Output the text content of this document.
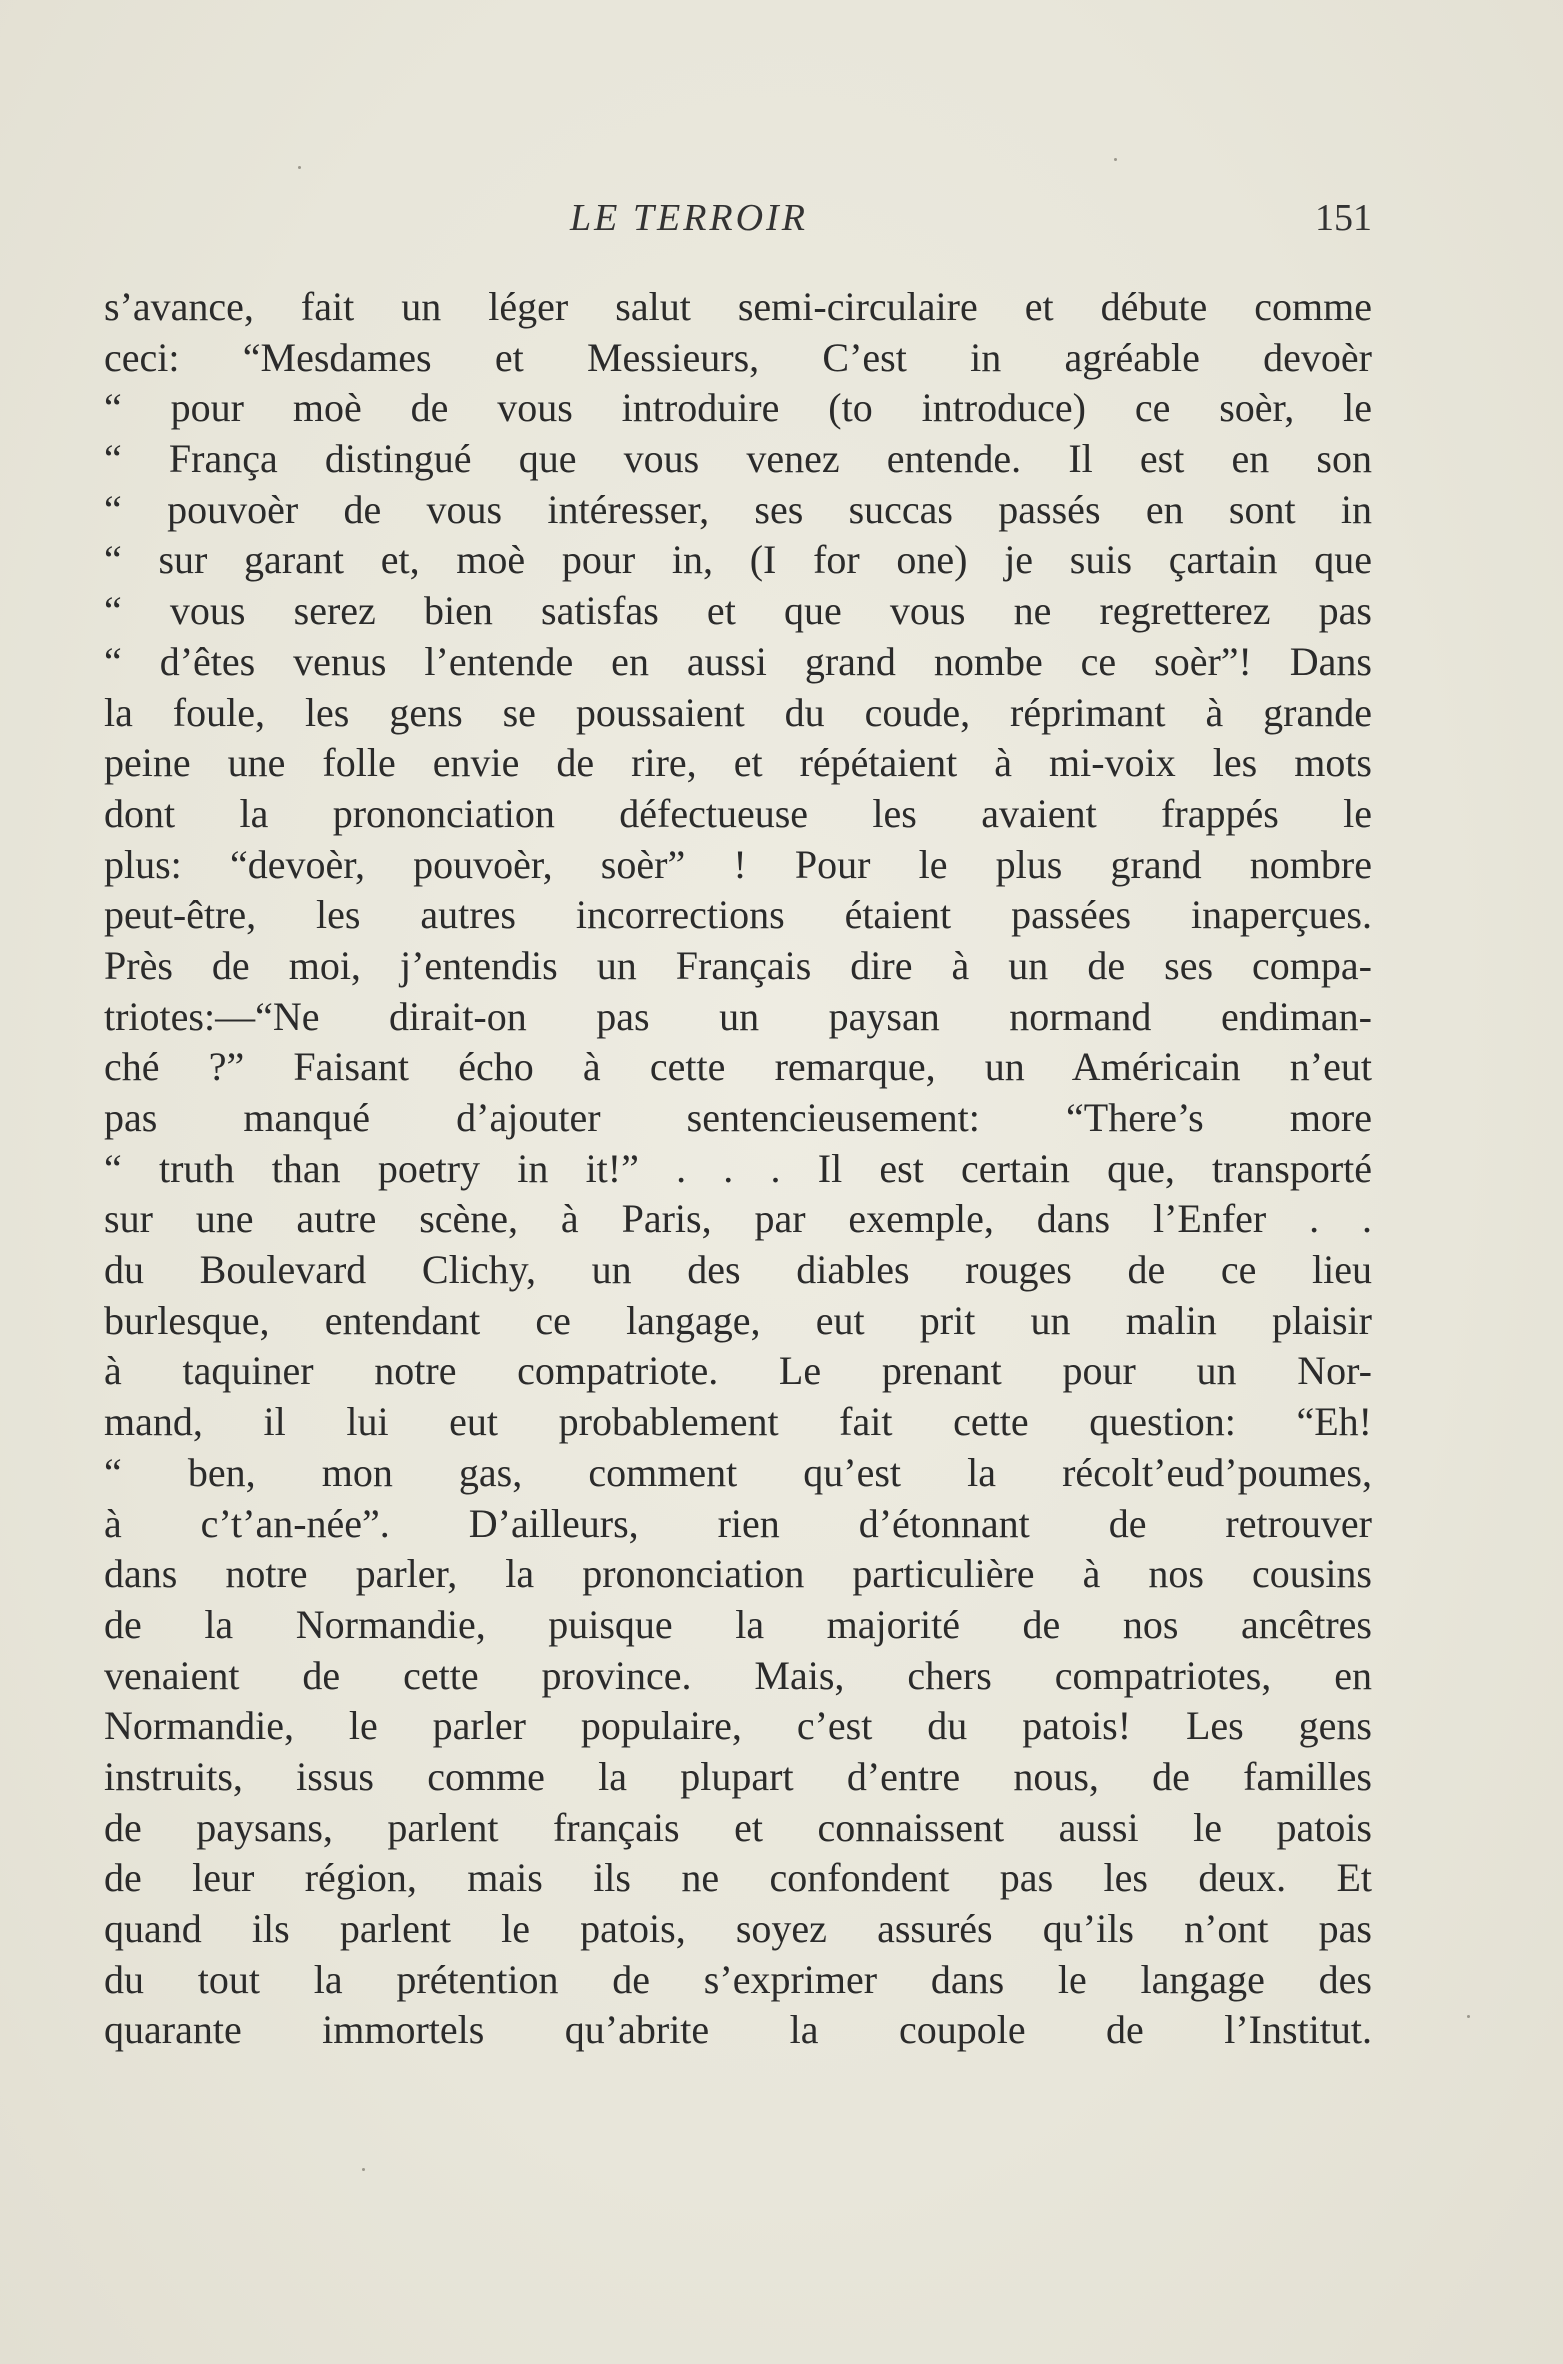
LE TERROIR	151
s’avance, fait un léger salut semi-circulaire et débute comme
ceci: “Mesdames et Messieurs, C’est in agréable devoèr
“ pour moè de vous introduire (to introduce) ce soèr, le
“ França distingué que vous venez entende. Il est en son
“ pouvoèr de vous intéresser, ses succas passés en sont in
“ sur garant et, moè pour in, (I for one) je suis çartain que
“ vous serez bien satisfas et que vous ne regretterez pas
“ d’êtes venus l’entende en aussi grand nombe ce soèr”! Dans
la foule, les gens se poussaient du coude, réprimant à grande
peine une folle envie de rire, et répétaient à mi-voix les mots
dont la prononciation défectueuse les avaient frappés le
plus: “devoèr, pouvoèr, soèr” ! Pour le plus grand nombre
peut-être, les autres incorrections étaient passées inaperçues.
Près de moi, j’entendis un Français dire à un de ses compa-
triotes:—“Ne dirait-on pas un paysan normand endiman-
ché ?” Faisant écho à cette remarque, un Américain n’eut
pas manqué d’ajouter sentencieusement: “There’s more
“ truth than poetry in it!” . . . Il est certain que, transporté
sur une autre scène, à Paris, par exemple, dans l’Enfer . .
du Boulevard Clichy, un des diables rouges de ce lieu
burlesque, entendant ce langage, eut prit un malin plaisir
à taquiner notre compatriote. Le prenant pour un Nor-
mand, il lui eut probablement fait cette question: “Eh!
“ ben, mon gas, comment qu’est la récolt’eud’poumes,
à c’t’an-née”. D’ailleurs, rien d’étonnant de retrouver
dans notre parler, la prononciation particulière à nos cousins
de la Normandie, puisque la majorité de nos ancêtres
venaient de cette province. Mais, chers compatriotes, en
Normandie, le parler populaire, c’est du patois! Les gens
instruits, issus comme la plupart d’entre nous, de familles
de paysans, parlent français et connaissent aussi le patois
de leur région, mais ils ne confondent pas les deux. Et
quand ils parlent le patois, soyez assurés qu’ils n’ont pas
du tout la prétention de s’exprimer dans le langage des
quarante immortels qu’abrite la coupole de l’Institut.
